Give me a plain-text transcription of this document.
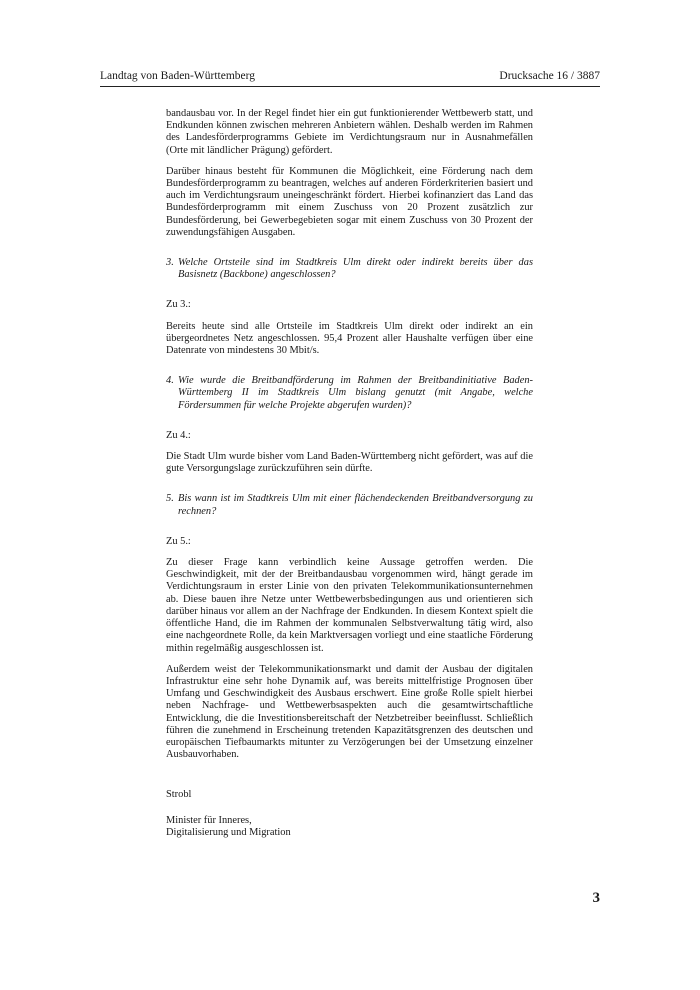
Landtag von Baden-Württemberg	Drucksache 16 / 3887

bandausbau vor. In der Regel findet hier ein gut funktionierender Wettbewerb statt, und Endkunden können zwischen mehreren Anbietern wählen. Deshalb werden im Rahmen des Landesförderprogramms Gebiete im Verdichtungsraum nur in Ausnahmefällen (Orte mit ländlicher Prägung) gefördert.

Darüber hinaus besteht für Kommunen die Möglichkeit, eine Förderung nach dem Bundesförderprogramm zu beantragen, welches auf anderen Förderkriterien basiert und auch im Verdichtungsraum uneingeschränkt fördert. Hierbei kofinanziert das Land das Bundesförderprogramm mit einem Zuschuss von 20 Prozent zusätzlich zur Bundesförderung, bei Gewerbegebieten sogar mit einem Zuschuss von 30 Prozent der zuwendungsfähigen Ausgaben.

3. Welche Ortsteile sind im Stadtkreis Ulm direkt oder indirekt bereits über das Basisnetz (Backbone) angeschlossen?

Zu 3.:

Bereits heute sind alle Ortsteile im Stadtkreis Ulm direkt oder indirekt an ein übergeordnetes Netz angeschlossen. 95,4 Prozent aller Haushalte verfügen über eine Datenrate von mindestens 30 Mbit/s.

4. Wie wurde die Breitbandförderung im Rahmen der Breitbandinitiative Baden-Württemberg II im Stadtkreis Ulm bislang genutzt (mit Angabe, welche Fördersummen für welche Projekte abgerufen wurden)?

Zu 4.:

Die Stadt Ulm wurde bisher vom Land Baden-Württemberg nicht gefördert, was auf die gute Versorgungslage zurückzuführen sein dürfte.

5. Bis wann ist im Stadtkreis Ulm mit einer flächendeckenden Breitbandversorgung zu rechnen?

Zu 5.:

Zu dieser Frage kann verbindlich keine Aussage getroffen werden. Die Geschwindigkeit, mit der der Breitbandausbau vorgenommen wird, hängt gerade im Verdichtungsraum in erster Linie von den privaten Telekommunikationsunternehmen ab. Diese bauen ihre Netze unter Wettbewerbsbedingungen aus und orientieren sich darüber hinaus vor allem an der Nachfrage der Endkunden. In diesem Kontext spielt die öffentliche Hand, die im Rahmen der kommunalen Selbstverwaltung tätig wird, also eine nachgeordnete Rolle, da kein Marktversagen vorliegt und eine staatliche Förderung mithin regelmäßig ausgeschlossen ist.

Außerdem weist der Telekommunikationsmarkt und damit der Ausbau der digitalen Infrastruktur eine sehr hohe Dynamik auf, was bereits mittelfristige Prognosen über Umfang und Geschwindigkeit des Ausbaus erschwert. Eine große Rolle spielt hierbei neben Nachfrage- und Wettbewerbsaspekten auch die gesamtwirtschaftliche Entwicklung, die die Investitionsbereitschaft der Netzbetreiber beeinflusst. Schließlich führen die zunehmend in Erscheinung tretenden Kapazitätsgrenzen des deutschen und europäischen Tiefbaumarkts mitunter zu Verzögerungen bei der Umsetzung einzelner Ausbauvorhaben.

Strobl

Minister für Inneres,
Digitalisierung und Migration

3
